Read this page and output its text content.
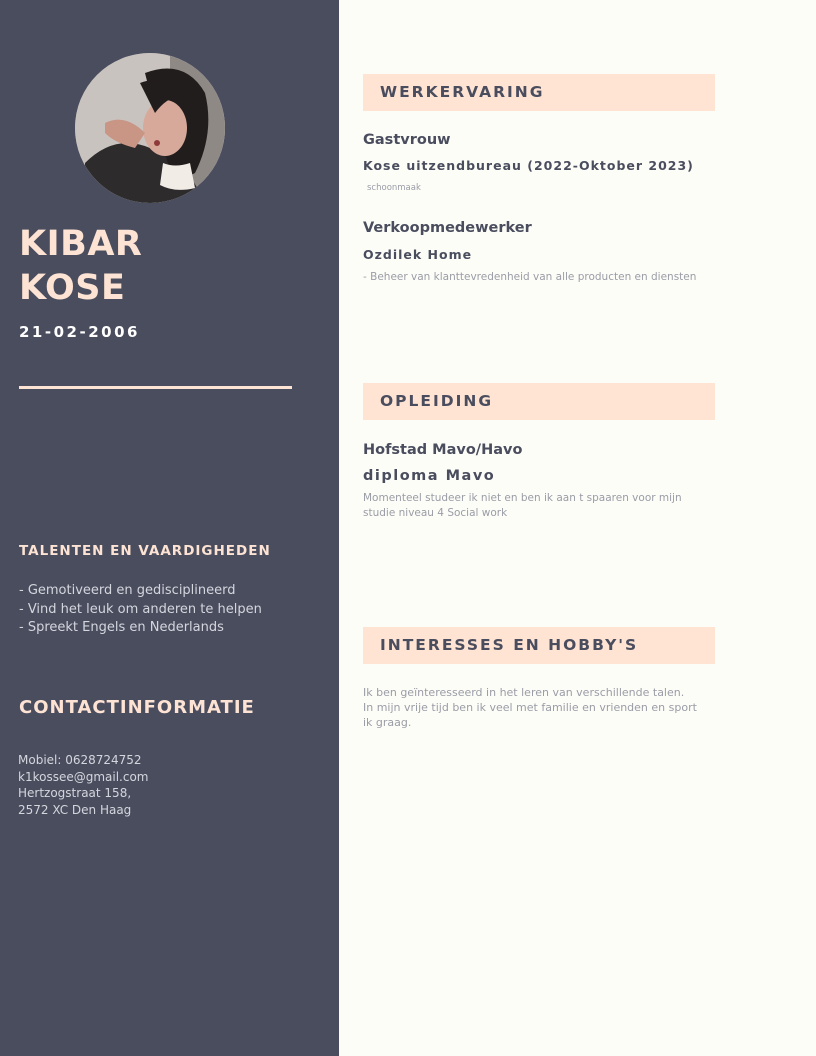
KIBAR
KOSE
21-02-2006
TALENTEN EN VAARDIGHEDEN
- Gemotiveerd en gedisciplineerd
- Vind het leuk om anderen te helpen
- Spreekt Engels en Nederlands
CONTACTINFORMATIE
Mobiel: 0628724752
k1kossee@gmail.com
Hertzogstraat 158,
2572 XC Den Haag
WERKERVARING
Gastvrouw
Kose uitzendbureau (2022-Oktober 2023)
schoonmaak
Verkoopmedewerker
Ozdilek Home
- Beheer van klanttevredenheid van alle producten en diensten
OPLEIDING
Hofstad Mavo/Havo
diploma Mavo
Momenteel studeer ik niet en ben ik aan t spaaren voor mijn
studie niveau 4 Social work
INTERESSES EN HOBBY'S
Ik ben geïnteresseerd in het leren van verschillende talen.
In mijn vrije tijd ben ik veel met familie en vrienden en sport
ik graag.
